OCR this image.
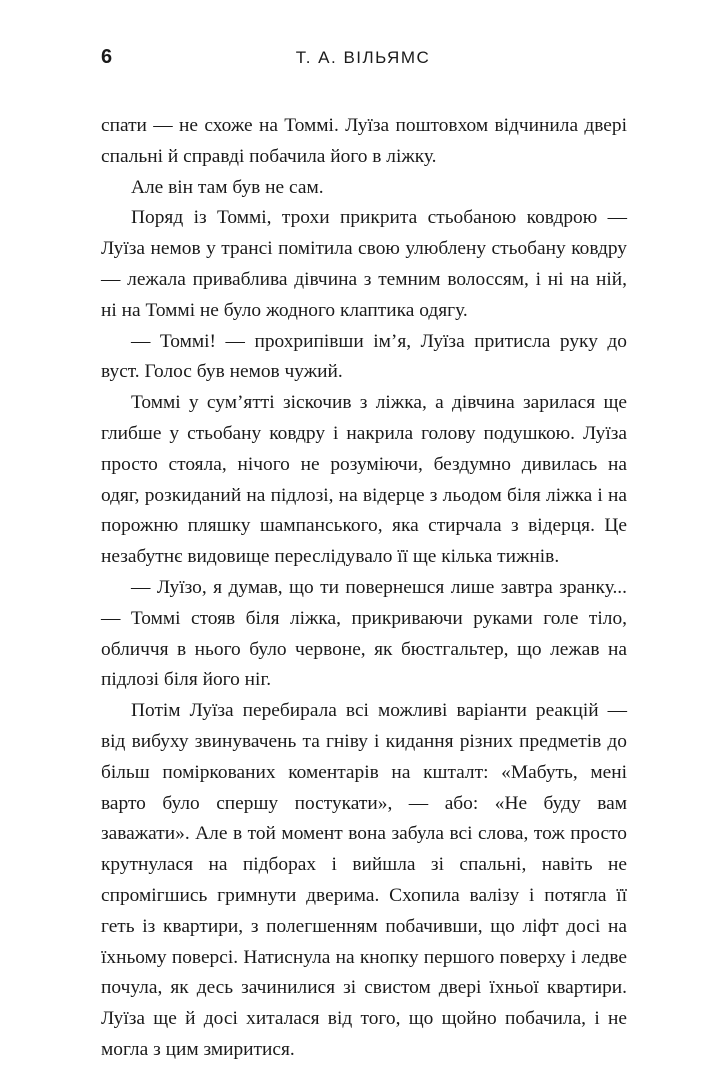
6	Т. А. ВІЛЬЯМС

спати — не схоже на Томмі. Луїза поштовхом відчинила двері спальні й справді побачила його в ліжку.

Але він там був не сам.

Поряд із Томмі, трохи прикрита стьобаною ковдрою — Луїза немов у трансі помітила свою улюблену стьобану ковдру — лежала приваблива дівчина з темним волоссям, і ні на ній, ні на Томмі не було жодного клаптика одягу.

— Томмі! — прохрипівши ім’я, Луїза притисла руку до вуст. Голос був немов чужий.

Томмі у сум’ятті зіскочив з ліжка, а дівчина зарилася ще глибше у стьобану ковдру і накрила голову подушкою. Луїза просто стояла, нічого не розуміючи, бездумно дивилась на одяг, розкиданий на підлозі, на відерце з льодом біля ліжка і на порожню пляшку шампанського, яка стирчала з відерця. Це незабутнє видовище переслідувало її ще кілька тижнів.

— Луїзо, я думав, що ти повернешся лише завтра зранку... — Томмі стояв біля ліжка, прикриваючи руками голе тіло, обличчя в нього було червоне, як бюстгальтер, що лежав на підлозі біля його ніг.

Потім Луїза перебирала всі можливі варіанти реакцій — від вибуху звинувачень та гніву і кидання різних предметів до більш поміркованих коментарів на кшталт: «Мабуть, мені варто було спершу постукати», — або: «Не буду вам заважати». Але в той момент вона забула всі слова, тож просто крутнулася на підборах і вийшла зі спальні, навіть не спромігшись гримнути дверима. Схопила валізу і потягла її геть із квартири, з полегшенням побачивши, що ліфт досі на їхньому поверсі. Натиснула на кнопку першого поверху і ледве почула, як десь зачинилися зі свистом двері їхньої квартири. Луїза ще й досі хиталася від того, що щойно побачила, і не могла з цим змиритися.
